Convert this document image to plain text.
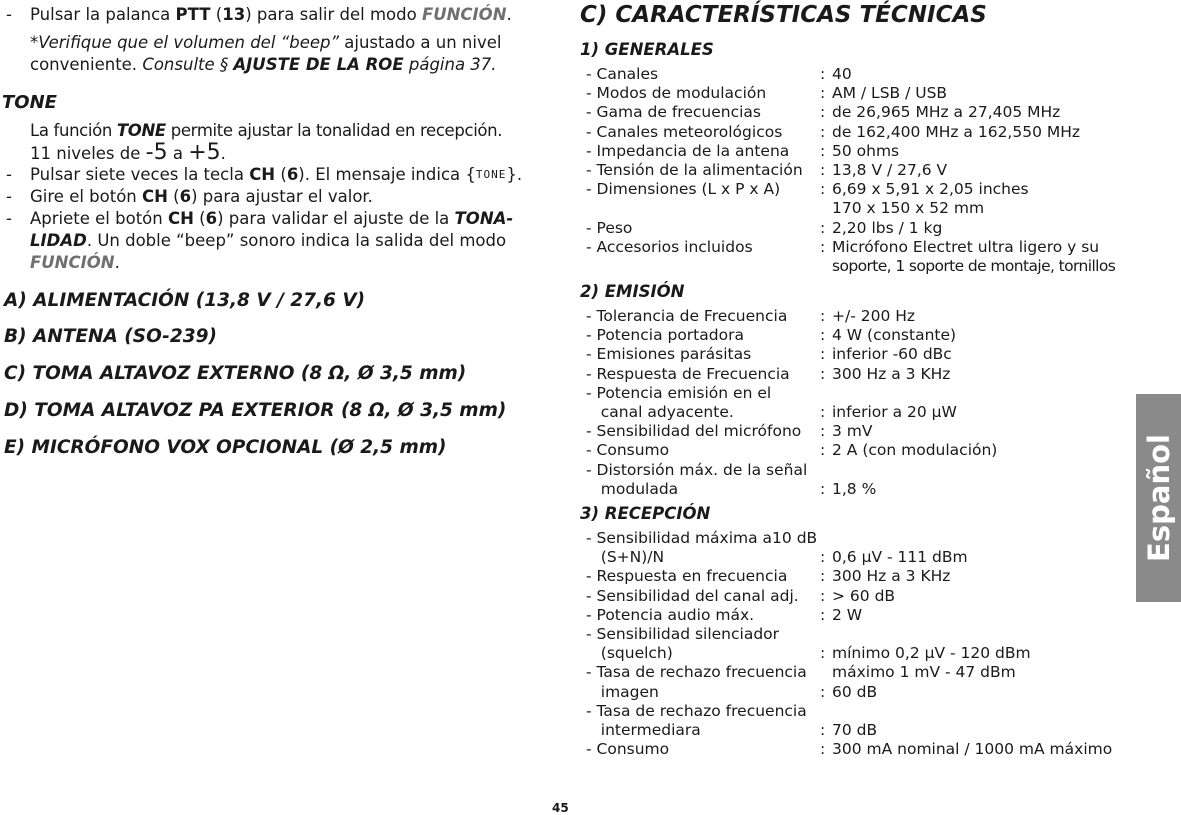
- Pulsar la palanca PTT (13) para salir del modo FUNCIÓN.
*Verifique que el volumen del “beep” ajustado a un nivel
conveniente. Consulte § AJUSTE DE LA ROE página 37.
TONE
La función TONE permite ajustar la tonalidad en recepción.
11 niveles de -5 a +5.
- Pulsar siete veces la tecla CH (6). El mensaje indica {TONE}.
- Gire el botón CH (6) para ajustar el valor.
- Apriete el botón CH (6) para validar el ajuste de la TONA-
LIDAD. Un doble “beep” sonoro indica la salida del modo
FUNCIÓN.
A) ALIMENTACIÓN (13,8 V / 27,6 V)
B) ANTENA (SO-239)
C) TOMA ALTAVOZ EXTERNO (8 Ω, Ø 3,5 mm)
D) TOMA ALTAVOZ PA EXTERIOR (8 Ω, Ø 3,5 mm)
E) MICRÓFONO VOX OPCIONAL (Ø 2,5 mm)
C) CARACTERÍSTICAS TÉCNICAS
1) GENERALES
- Canales	: 40
- Modos de modulación	: AM / LSB / USB
- Gama de frecuencias	: de 26,965 MHz a 27,405 MHz
- Canales meteorológicos : de 162,400 MHz a 162,550 MHz
- Impedancia de la antena : 50 ohms
- Tensión de la alimentación : 13,8 V / 27,6 V
- Dimensiones (L x P x A)	: 6,69 x 5,91 x 2,05 inches
170 x 150 x 52 mm
- Peso	: 2,20 lbs / 1 kg
- Accesorios incluidos	: Micrófono Electret ultra ligero y su
soporte, 1 soporte de montaje, tornillos
2) EMISIÓN
- Tolerancia de Frecuencia : +/- 200 Hz
- Potencia portadora	: 4 W (constante)
- Emisiones parásitas	: inferior -60 dBc
- Respuesta de Frecuencia : 300 Hz a 3 KHz
- Potencia emisión en el
canal adyacente.	: inferior a 20 µW
- Sensibilidad del micrófono : 3 mV
- Consumo	: 2 A (con modulación)
- Distorsión máx. de la señal
modulada	: 1,8 %
3) RECEPCIÓN
- Sensibilidad máxima a10 dB
(S+N)/N	: 0,6 µV - 111 dBm
- Respuesta en frecuencia : 300 Hz a 3 KHz
- Sensibilidad del canal adj. : > 60 dB
- Potencia audio máx.	: 2 W
- Sensibilidad silenciador
(squelch)	: mínimo 0,2 µV - 120 dBm
máximo 1 mV - 47 dBm
- Tasa de rechazo frecuencia
imagen	: 60 dB
- Tasa de rechazo frecuencia
intermediara	: 70 dB
- Consumo	: 300 mA nominal / 1000 mA máximo
Español
45
